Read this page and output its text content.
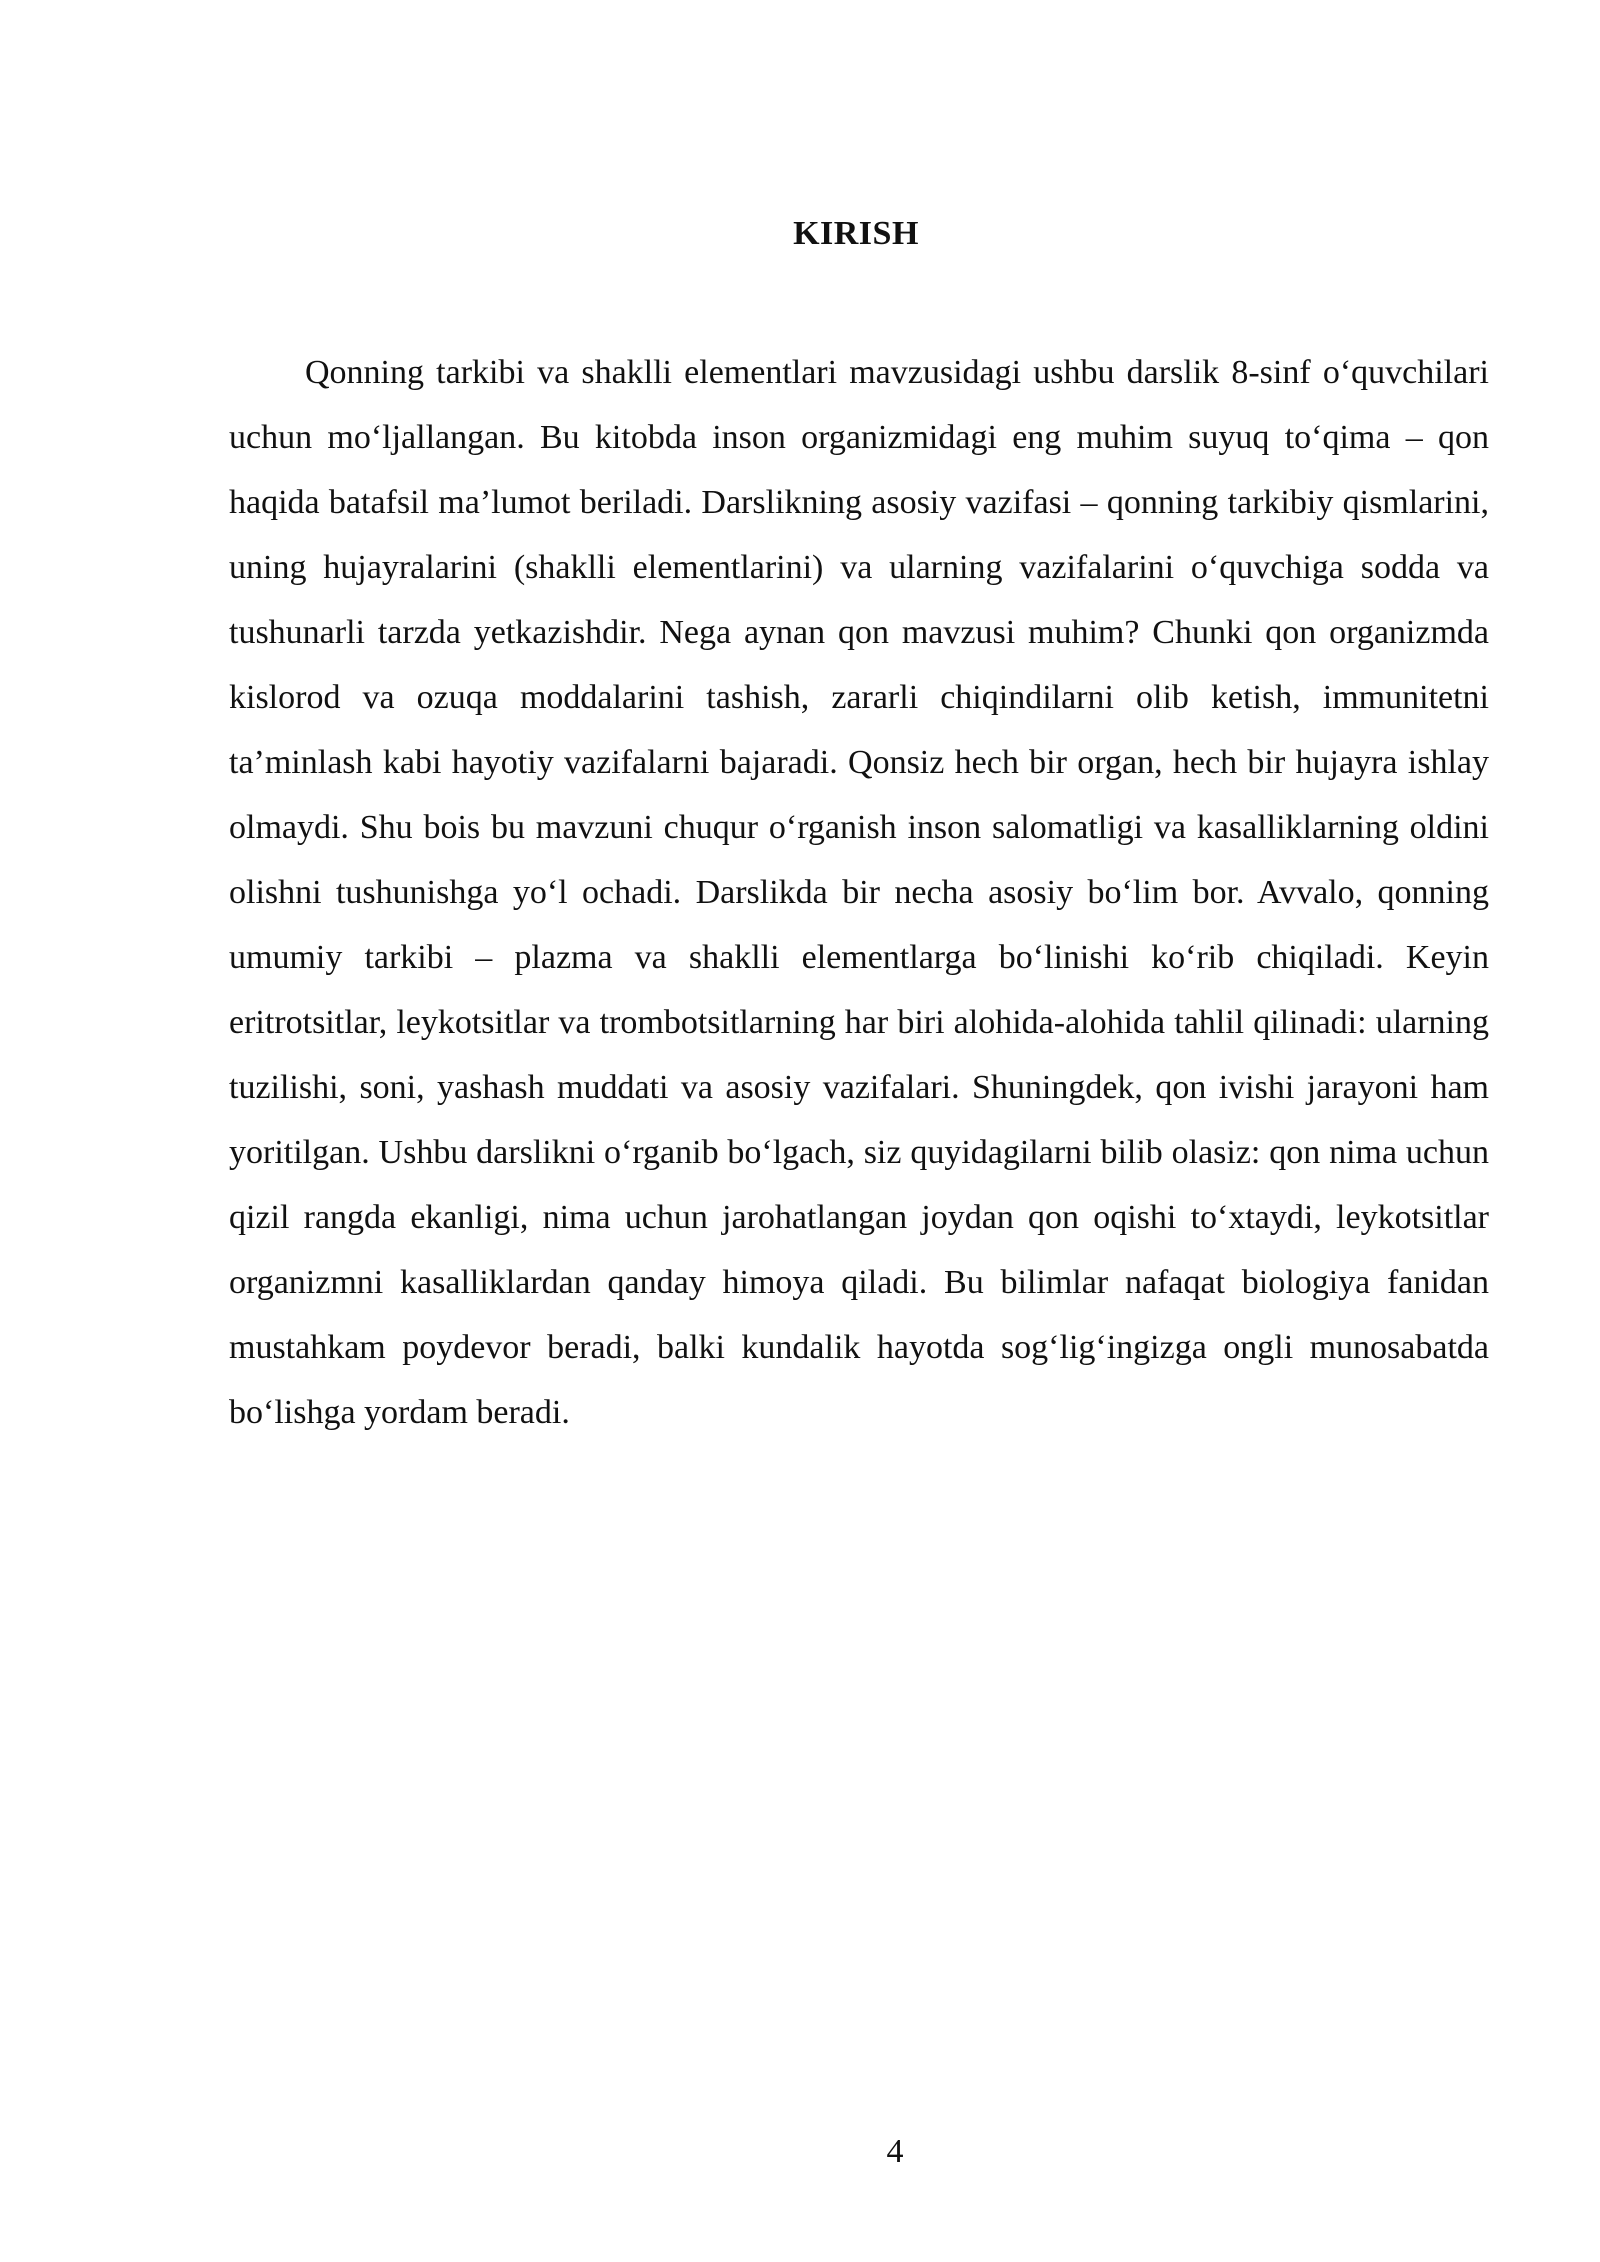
KIRISH

Qonning tarkibi va shaklli elementlari mavzusidagi ushbu darslik 8-sinf o‘quvchilari uchun mo‘ljallangan. Bu kitobda inson organizmidagi eng muhim suyuq to‘qima – qon haqida batafsil ma’lumot beriladi. Darslikning asosiy vazifasi – qonning tarkibiy qismlarini, uning hujayralarini (shaklli elementlarini) va ularning vazifalarini o‘quvchiga sodda va tushunarli tarzda yetkazishdir. Nega aynan qon mavzusi muhim? Chunki qon organizmda kislorod va ozuqa moddalarini tashish, zararli chiqindilarni olib ketish, immunitetni ta’minlash kabi hayotiy vazifalarni bajaradi. Qonsiz hech bir organ, hech bir hujayra ishlay olmaydi. Shu bois bu mavzuni chuqur o‘rganish inson salomatligi va kasalliklarning oldini olishni tushunishga yo‘l ochadi. Darslikda bir necha asosiy bo‘lim bor. Avvalo, qonning umumiy tarkibi – plazma va shaklli elementlarga bo‘linishi ko‘rib chiqiladi. Keyin eritrotsitlar, leykotsitlar va trombotsitlarning har biri alohida-alohida tahlil qilinadi: ularning tuzilishi, soni, yashash muddati va asosiy vazifalari. Shuningdek, qon ivishi jarayoni ham yoritilgan. Ushbu darslikni o‘rganib bo‘lgach, siz quyidagilarni bilib olasiz: qon nima uchun qizil rangda ekanligi, nima uchun jarohatlangan joydan qon oqishi to‘xtaydi, leykotsitlar organizmni kasalliklardan qanday himoya qiladi. Bu bilimlar nafaqat biologiya fanidan mustahkam poydevor beradi, balki kundalik hayotda sog‘lig‘ingizga ongli munosabatda bo‘lishga yordam beradi.

4
